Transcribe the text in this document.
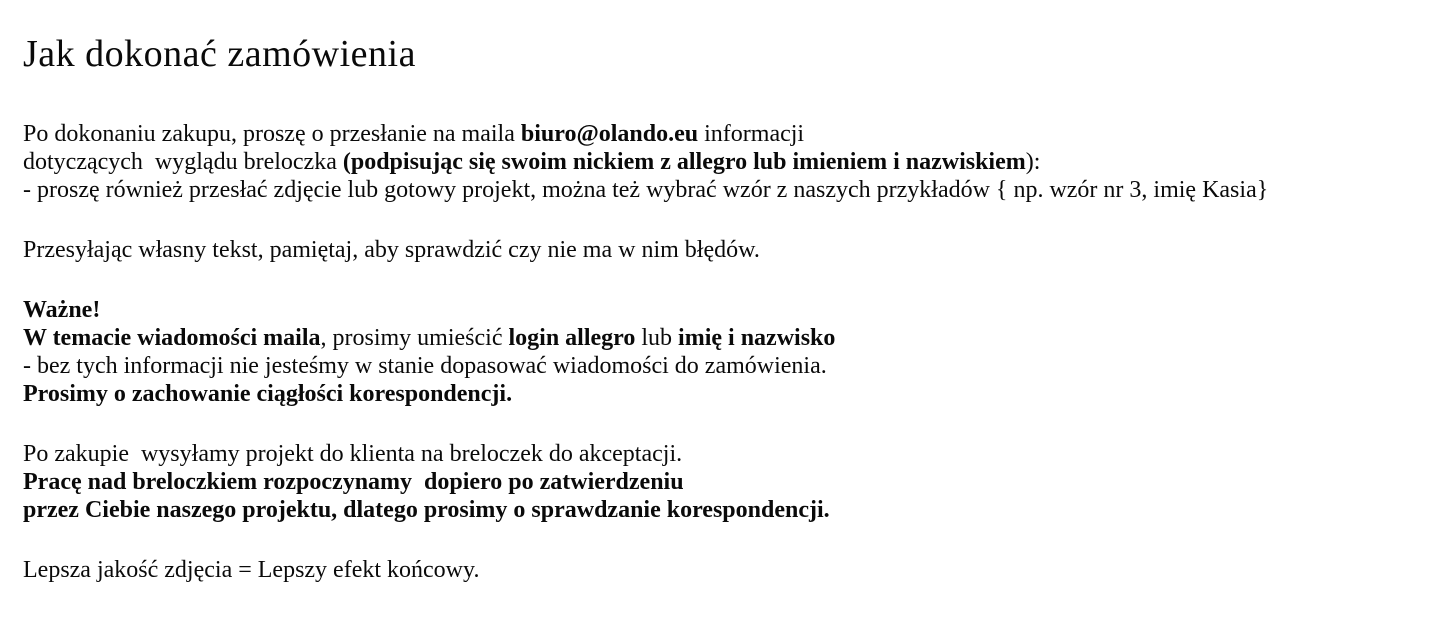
Jak dokonać zamówienia
Po dokonaniu zakupu, proszę o przesłanie na maila biuro@olando.eu informacji
dotyczących  wyglądu breloczka (podpisując się swoim nickiem z allegro lub imieniem i nazwiskiem):
- proszę również przesłać zdjęcie lub gotowy projekt, można też wybrać wzór z naszych przykładów { np. wzór nr 3, imię Kasia}
Przesyłając własny tekst, pamiętaj, aby sprawdzić czy nie ma w nim błędów.
Ważne!
W temacie wiadomości maila, prosimy umieścić login allegro lub imię i nazwisko
- bez tych informacji nie jesteśmy w stanie dopasować wiadomości do zamówienia.
Prosimy o zachowanie ciągłości korespondencji.
Po zakupie  wysyłamy projekt do klienta na breloczek do akceptacji.
Pracę nad breloczkiem rozpoczynamy  dopiero po zatwierdzeniu
przez Ciebie naszego projektu, dlatego prosimy o sprawdzanie korespondencji.
Lepsza jakość zdjęcia = Lepszy efekt końcowy.
